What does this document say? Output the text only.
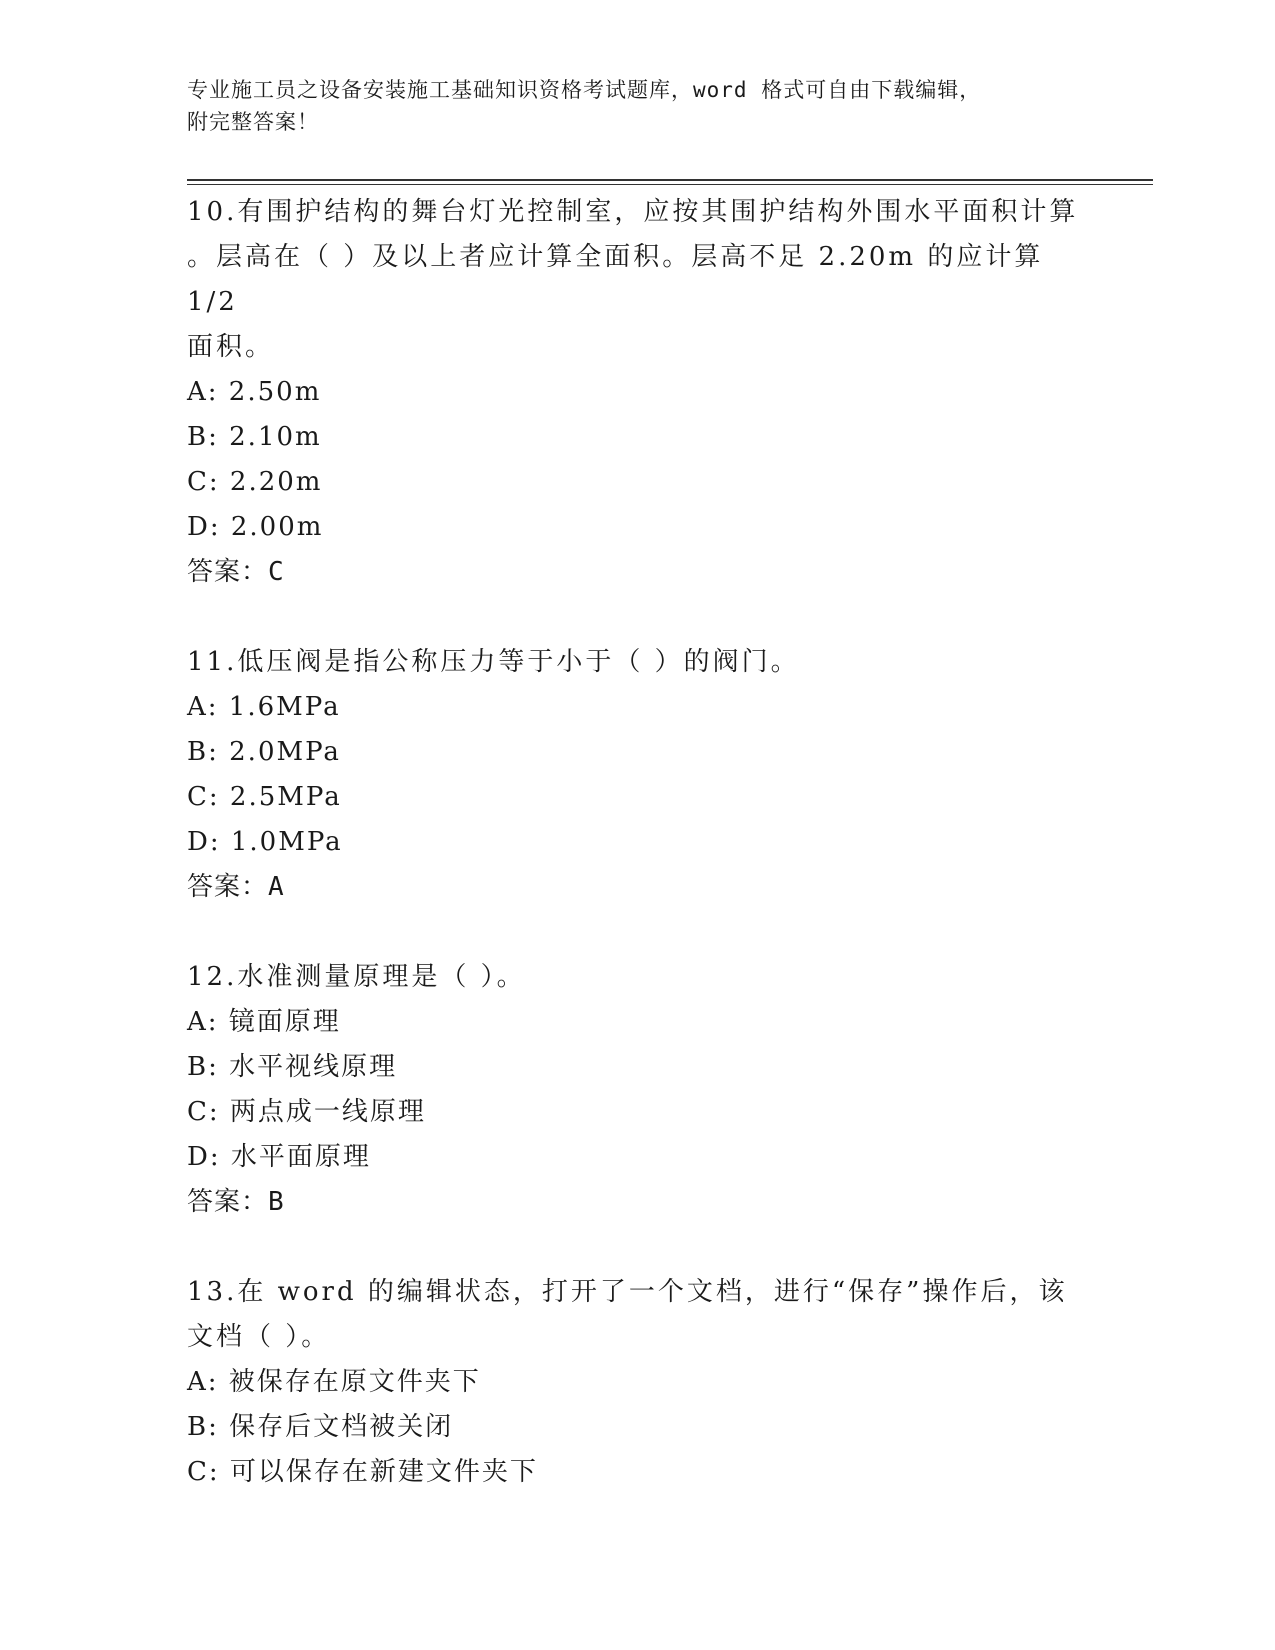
专业施工员之设备安装施工基础知识资格考试题库，word 格式可自由下载编辑，
附完整答案！

10.有围护结构的舞台灯光控制室，应按其围护结构外围水平面积计算

。层高在（ ）及以上者应计算全面积。层高不足 2.20m 的应计算 1/2

面积。

A: 2.50m

B: 2.10m

C: 2.20m

D: 2.00m

答案：C

11.低压阀是指公称压力等于小于（ ）的阀门。

A: 1.6MPa

B: 2.0MPa

C: 2.5MPa

D: 1.0MPa

答案：A

12.水准测量原理是（ ）。

A: 镜面原理

B: 水平视线原理

C: 两点成一线原理

D: 水平面原理

答案：B

13.在 word 的编辑状态，打开了一个文档，进行“保存”操作后，该

文档（ ）。

A: 被保存在原文件夹下

B: 保存后文档被关闭

C: 可以保存在新建文件夹下
